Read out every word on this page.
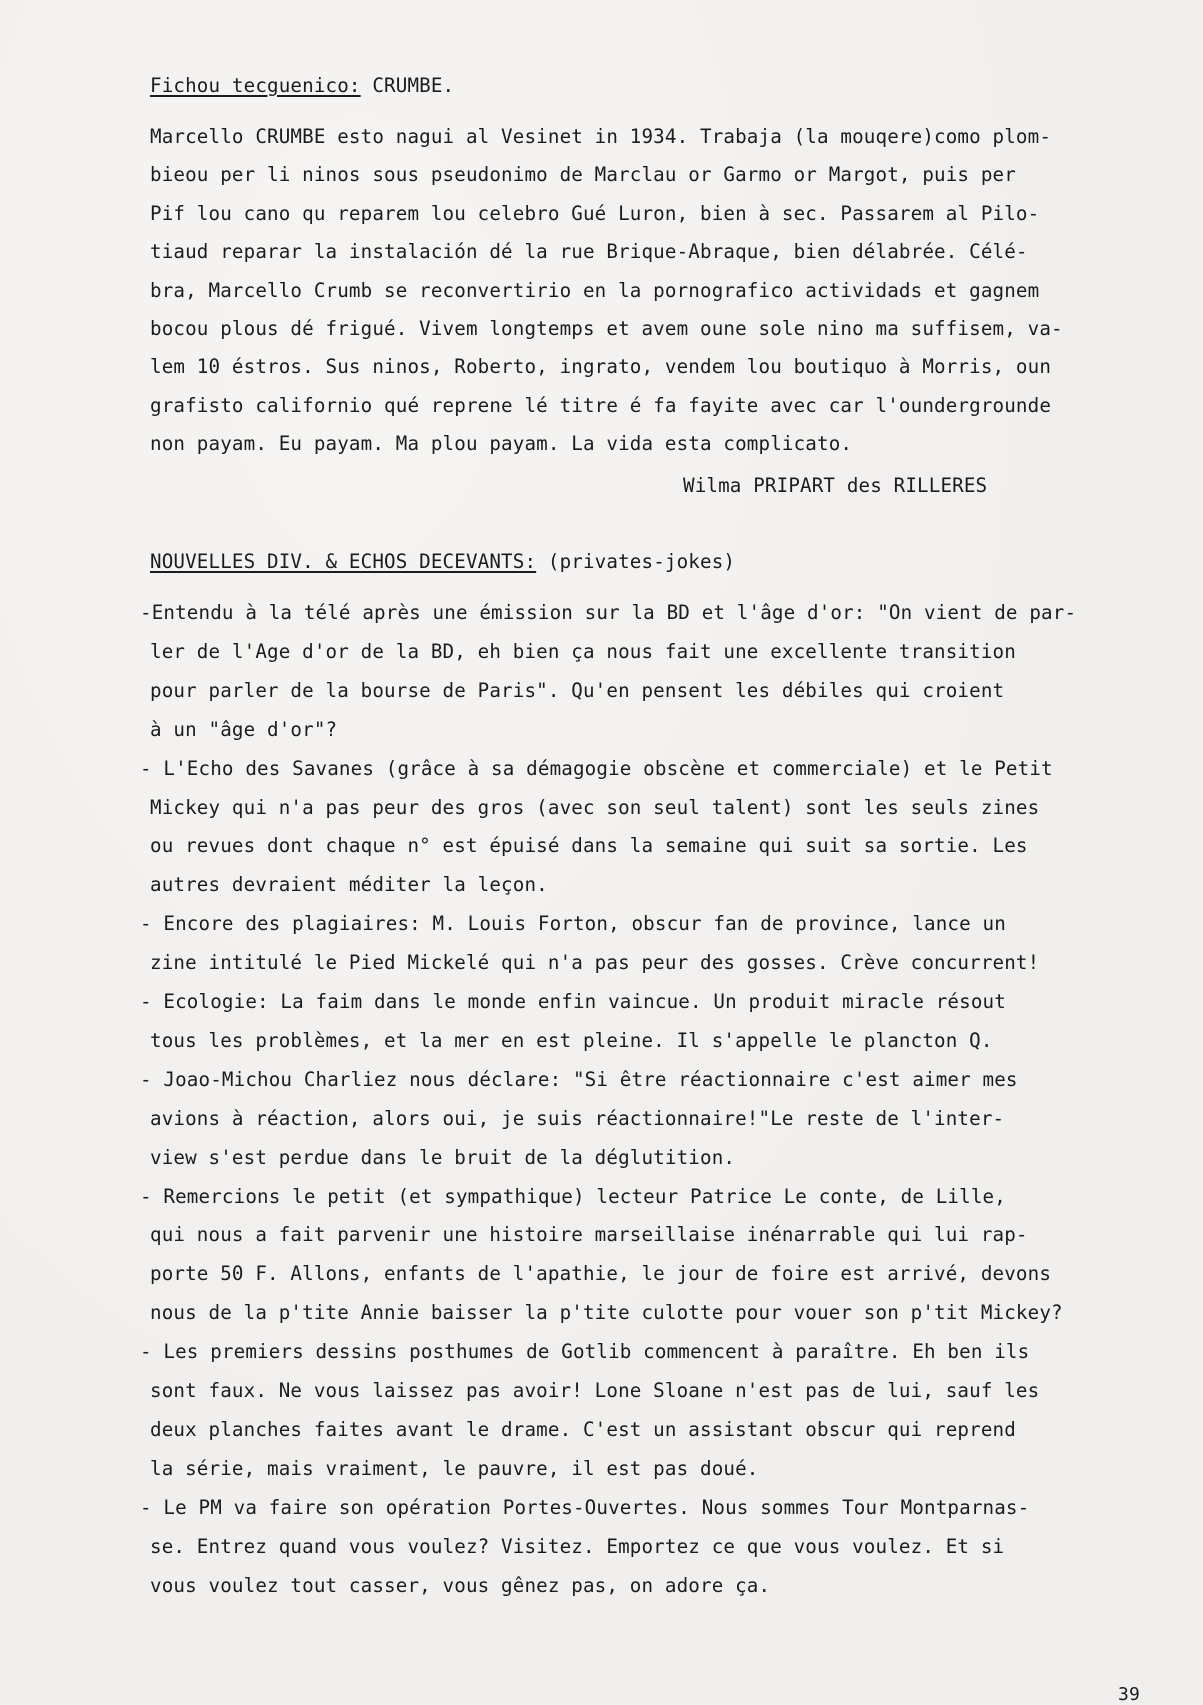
Fichou tecguenico: CRUMBE.
Marcello CRUMBE esto nagui al Vesinet in 1934. Trabaja (la mouqere)como plom-
bieou per li ninos sous pseudonimo de Marclau or Garmo or Margot, puis per
Pif lou cano qu reparem lou celebro Gué Luron, bien à sec. Passarem al Pilo-
tiaud reparar la instalación dé la rue Brique-Abraque, bien délabrée. Célé-
bra, Marcello Crumb se reconvertirio en la pornografico actividads et gagnem
bocou plous dé frigué. Vivem longtemps et avem oune sole nino ma suffisem, va-
lem 10 éstros. Sus ninos, Roberto, ingrato, vendem lou boutiquo à Morris, oun
grafisto californio qué reprene lé titre é fa fayite avec car l'oundergrounde
non payam. Eu payam. Ma plou payam. La vida esta complicato.
Wilma PRIPART des RILLERES
NOUVELLES DIV. & ECHOS DECEVANTS: (privates-jokes)
-Entendu à la télé après une émission sur la BD et l'âge d'or: "On vient de par-
ler de l'Age d'or de la BD, eh bien ça nous fait une excellente transition
pour parler de la bourse de Paris". Qu'en pensent les débiles qui croient
à un "âge d'or"?
- L'Echo des Savanes (grâce à sa démagogie obscène et commerciale) et le Petit
Mickey qui n'a pas peur des gros (avec son seul talent) sont les seuls zines
ou revues dont chaque n° est épuisé dans la semaine qui suit sa sortie. Les
autres devraient méditer la leçon.
- Encore des plagiaires: M. Louis Forton, obscur fan de province, lance un
zine intitulé le Pied Mickelé qui n'a pas peur des gosses. Crève concurrent!
- Ecologie: La faim dans le monde enfin vaincue. Un produit miracle résout
tous les problèmes, et la mer en est pleine. Il s'appelle le plancton Q.
- Joao-Michou Charliez nous déclare: "Si être réactionnaire c'est aimer mes
avions à réaction, alors oui, je suis réactionnaire!"Le reste de l'inter-
view s'est perdue dans le bruit de la déglutition.
- Remercions le petit (et sympathique) lecteur Patrice Le conte, de Lille,
qui nous a fait parvenir une histoire marseillaise inénarrable qui lui rap-
porte 50 F. Allons, enfants de l'apathie, le jour de foire est arrivé, devons
nous de la p'tite Annie baisser la p'tite culotte pour vouer son p'tit Mickey?
- Les premiers dessins posthumes de Gotlib commencent à paraître. Eh ben ils
sont faux. Ne vous laissez pas avoir! Lone Sloane n'est pas de lui, sauf les
deux planches faites avant le drame. C'est un assistant obscur qui reprend
la série, mais vraiment, le pauvre, il est pas doué.
- Le PM va faire son opération Portes-Ouvertes. Nous sommes Tour Montparnas-
se. Entrez quand vous voulez? Visitez. Emportez ce que vous voulez. Et si
vous voulez tout casser, vous gênez pas, on adore ça.
39
